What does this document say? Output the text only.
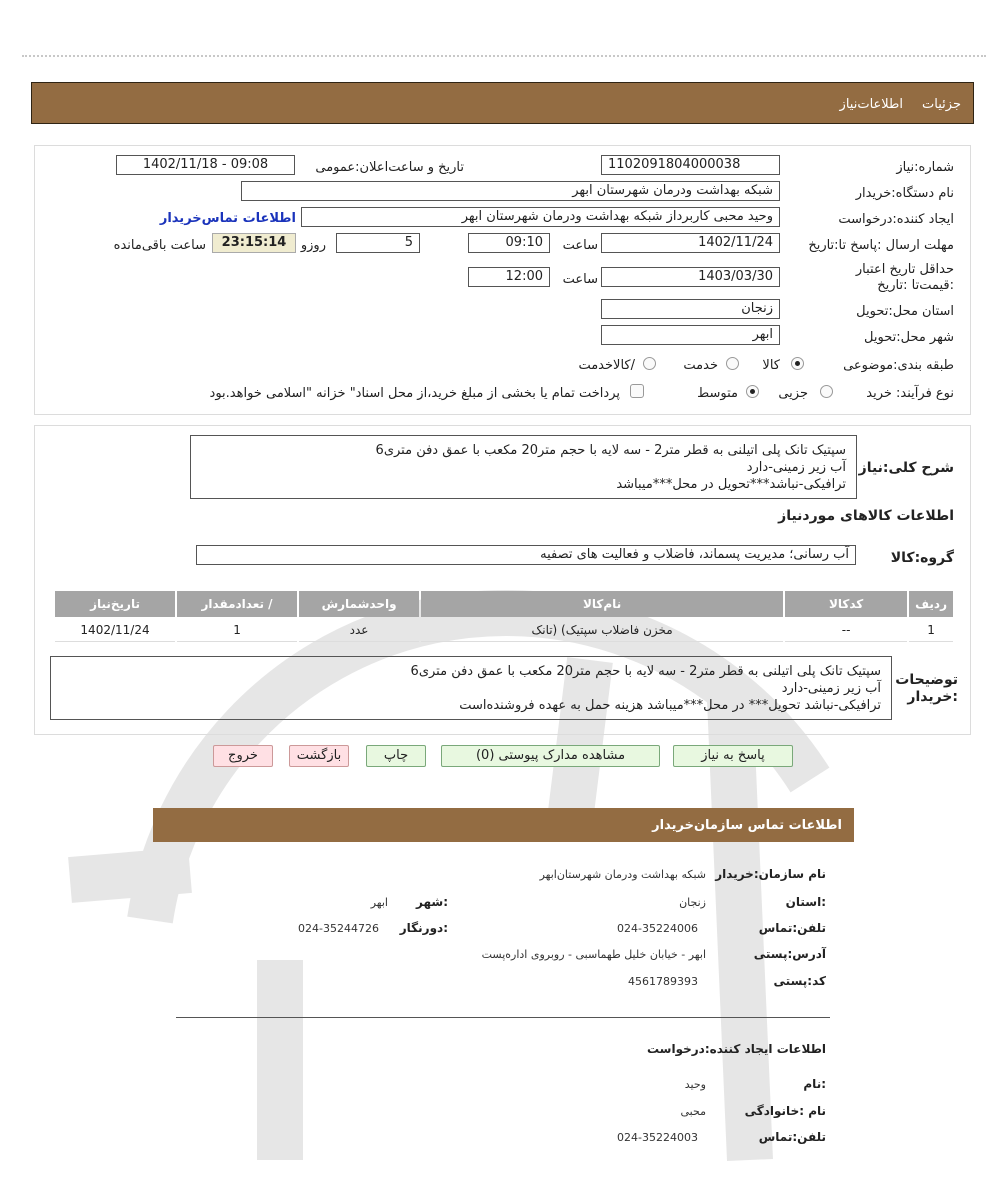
جزئیات
اطلاعات‌نیاز
شماره:نیاز
1102091804000038
تاریخ و ساعت‌اعلان:عمومی
1402/11/18 - 09:08
نام دستگاه:خریدار
شبکه بهداشت ودرمان شهرستان ابهر
ایجاد کننده:درخواست
وحید محبی کاربرداز شبکه بهداشت ودرمان شهرستان ابهر
اطلاعات تماس‌خریدار
مهلت ارسال :پاسخ تا:تاریخ
1402/11/24
ساعت
09:10
5
روزو
23:15:14
ساعت باقی‌مانده
حداقل تاریخ اعتبار :قیمت‌تا :تاریخ
1403/03/30
ساعت
12:00
استان محل:تحویل
زنجان
شهر محل:تحویل
ابهر
طبقه بندی:موضوعی
کالا
خدمت
/کالاخدمت
نوع فرآیند: خرید
جزیی
متوسط
پرداخت تمام یا بخشی از مبلغ خرید،از محل اسناد" خزانه "اسلامی خواهد.بود
شرح کلی:نیاز
سپتیک تانک پلی اتیلنی به قطر متر2 - سه لایه با حجم متر20 مکعب با عمق دفن متری6
آب زیر زمینی-دارد
ترافیکی-نباشد***تحویل در محل***میباشد
اطلاعات کالاهای موردنیاز
گروه:کالا
آب رسانی؛ مدیریت پسماند، فاضلاب و فعالیت های تصفیه
ردیف	کدکالا	نام‌کالا	واحدشمارش	/ تعدادمقدار	تاریخ‌نیاز
1	--	مخزن فاضلاب سپتیک) (تانک	عدد	1	1402/11/24
توضیحات :خریدار
سپتیک تانک پلی اتیلنی به قطر متر2 - سه لایه با حجم متر20 مکعب با عمق دفن متری6
آب زیر زمینی-دارد
ترافیکی-نباشد تحویل*** در محل***میباشد هزینه حمل به عهده فروشنده‌است
پاسخ به نیاز
مشاهده مدارک پیوستی (0)
چاپ
بازگشت
خروج
اطلاعات تماس سازمان‌خریدار
نام سازمان:خریدار
شبکه بهداشت ودرمان شهرستان‌ابهر
:استان
زنجان
:شهر
ابهر
تلفن:تماس
024-35224006
:دورنگار
024-35244726
آدرس:پستی
ابهر - خیابان خلیل طهماسبی - روبروی اداره‌پست
کد:پستی
4561789393
اطلاعات ایجاد کننده:درخواست
:نام
وحید
نام :خانوادگی
محبی
تلفن:تماس
024-35224003
